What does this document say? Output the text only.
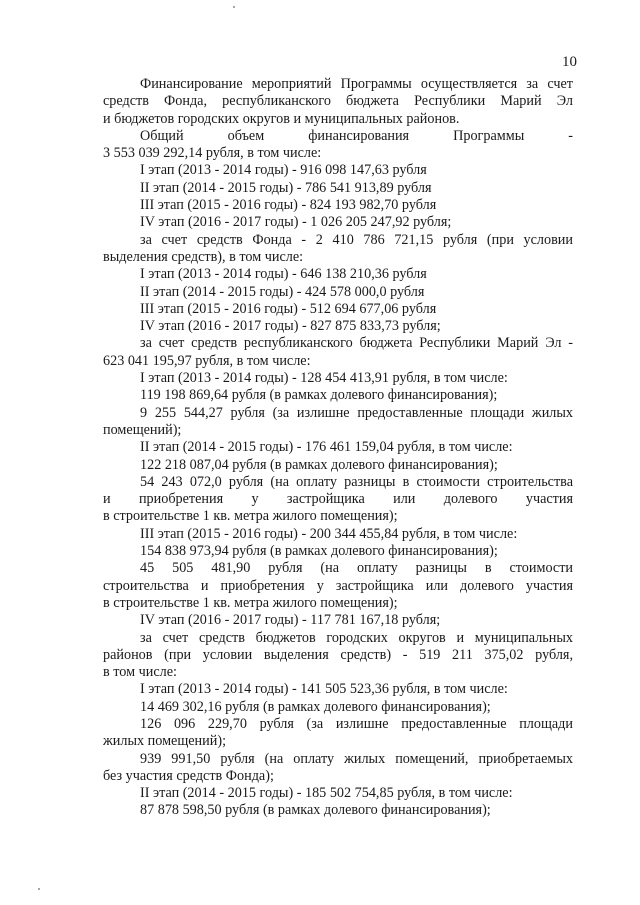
10
Финансирование мероприятий Программы осуществляется за счет
средств Фонда, республиканского бюджета Республики Марий Эл
и бюджетов городских округов и муниципальных районов.
Общий объем финансирования Программы -
3 553 039 292,14 рубля, в том числе:
I этап (2013 - 2014 годы) - 916 098 147,63 рубля
II этап (2014 - 2015 годы) - 786 541 913,89 рубля
III этап (2015 - 2016 годы) - 824 193 982,70 рубля
IV этап (2016 - 2017 годы) - 1 026 205 247,92 рубля;
за счет средств Фонда - 2 410 786 721,15 рубля (при условии
выделения средств), в том числе:
I этап (2013 - 2014 годы) - 646 138 210,36 рубля
II этап (2014 - 2015 годы) - 424 578 000,0 рубля
III этап (2015 - 2016 годы) - 512 694 677,06 рубля
IV этап (2016 - 2017 годы) - 827 875 833,73 рубля;
за счет средств республиканского бюджета Республики Марий Эл -
623 041 195,97 рубля, в том числе:
I этап (2013 - 2014 годы) - 128 454 413,91 рубля, в том числе:
119 198 869,64 рубля (в рамках долевого финансирования);
9 255 544,27 рубля (за излишне предоставленные площади жилых
помещений);
II этап (2014 - 2015 годы) - 176 461 159,04 рубля, в том числе:
122 218 087,04 рубля (в рамках долевого финансирования);
54 243 072,0 рубля (на оплату разницы в стоимости строительства
и приобретения у застройщика или долевого участия
в строительстве 1 кв. метра жилого помещения);
III этап (2015 - 2016 годы) - 200 344 455,84 рубля, в том числе:
154 838 973,94 рубля (в рамках долевого финансирования);
45 505 481,90 рубля (на оплату разницы в стоимости
строительства и приобретения у застройщика или долевого участия
в строительстве 1 кв. метра жилого помещения);
IV этап (2016 - 2017 годы) - 117 781 167,18 рубля;
за счет средств бюджетов городских округов и муниципальных
районов (при условии выделения средств) - 519 211 375,02 рубля,
в том числе:
I этап (2013 - 2014 годы) - 141 505 523,36 рубля, в том числе:
14 469 302,16 рубля (в рамках долевого финансирования);
126 096 229,70 рубля (за излишне предоставленные площади
жилых помещений);
939 991,50 рубля (на оплату жилых помещений, приобретаемых
без участия средств Фонда);
II этап (2014 - 2015 годы) - 185 502 754,85 рубля, в том числе:
87 878 598,50 рубля (в рамках долевого финансирования);
